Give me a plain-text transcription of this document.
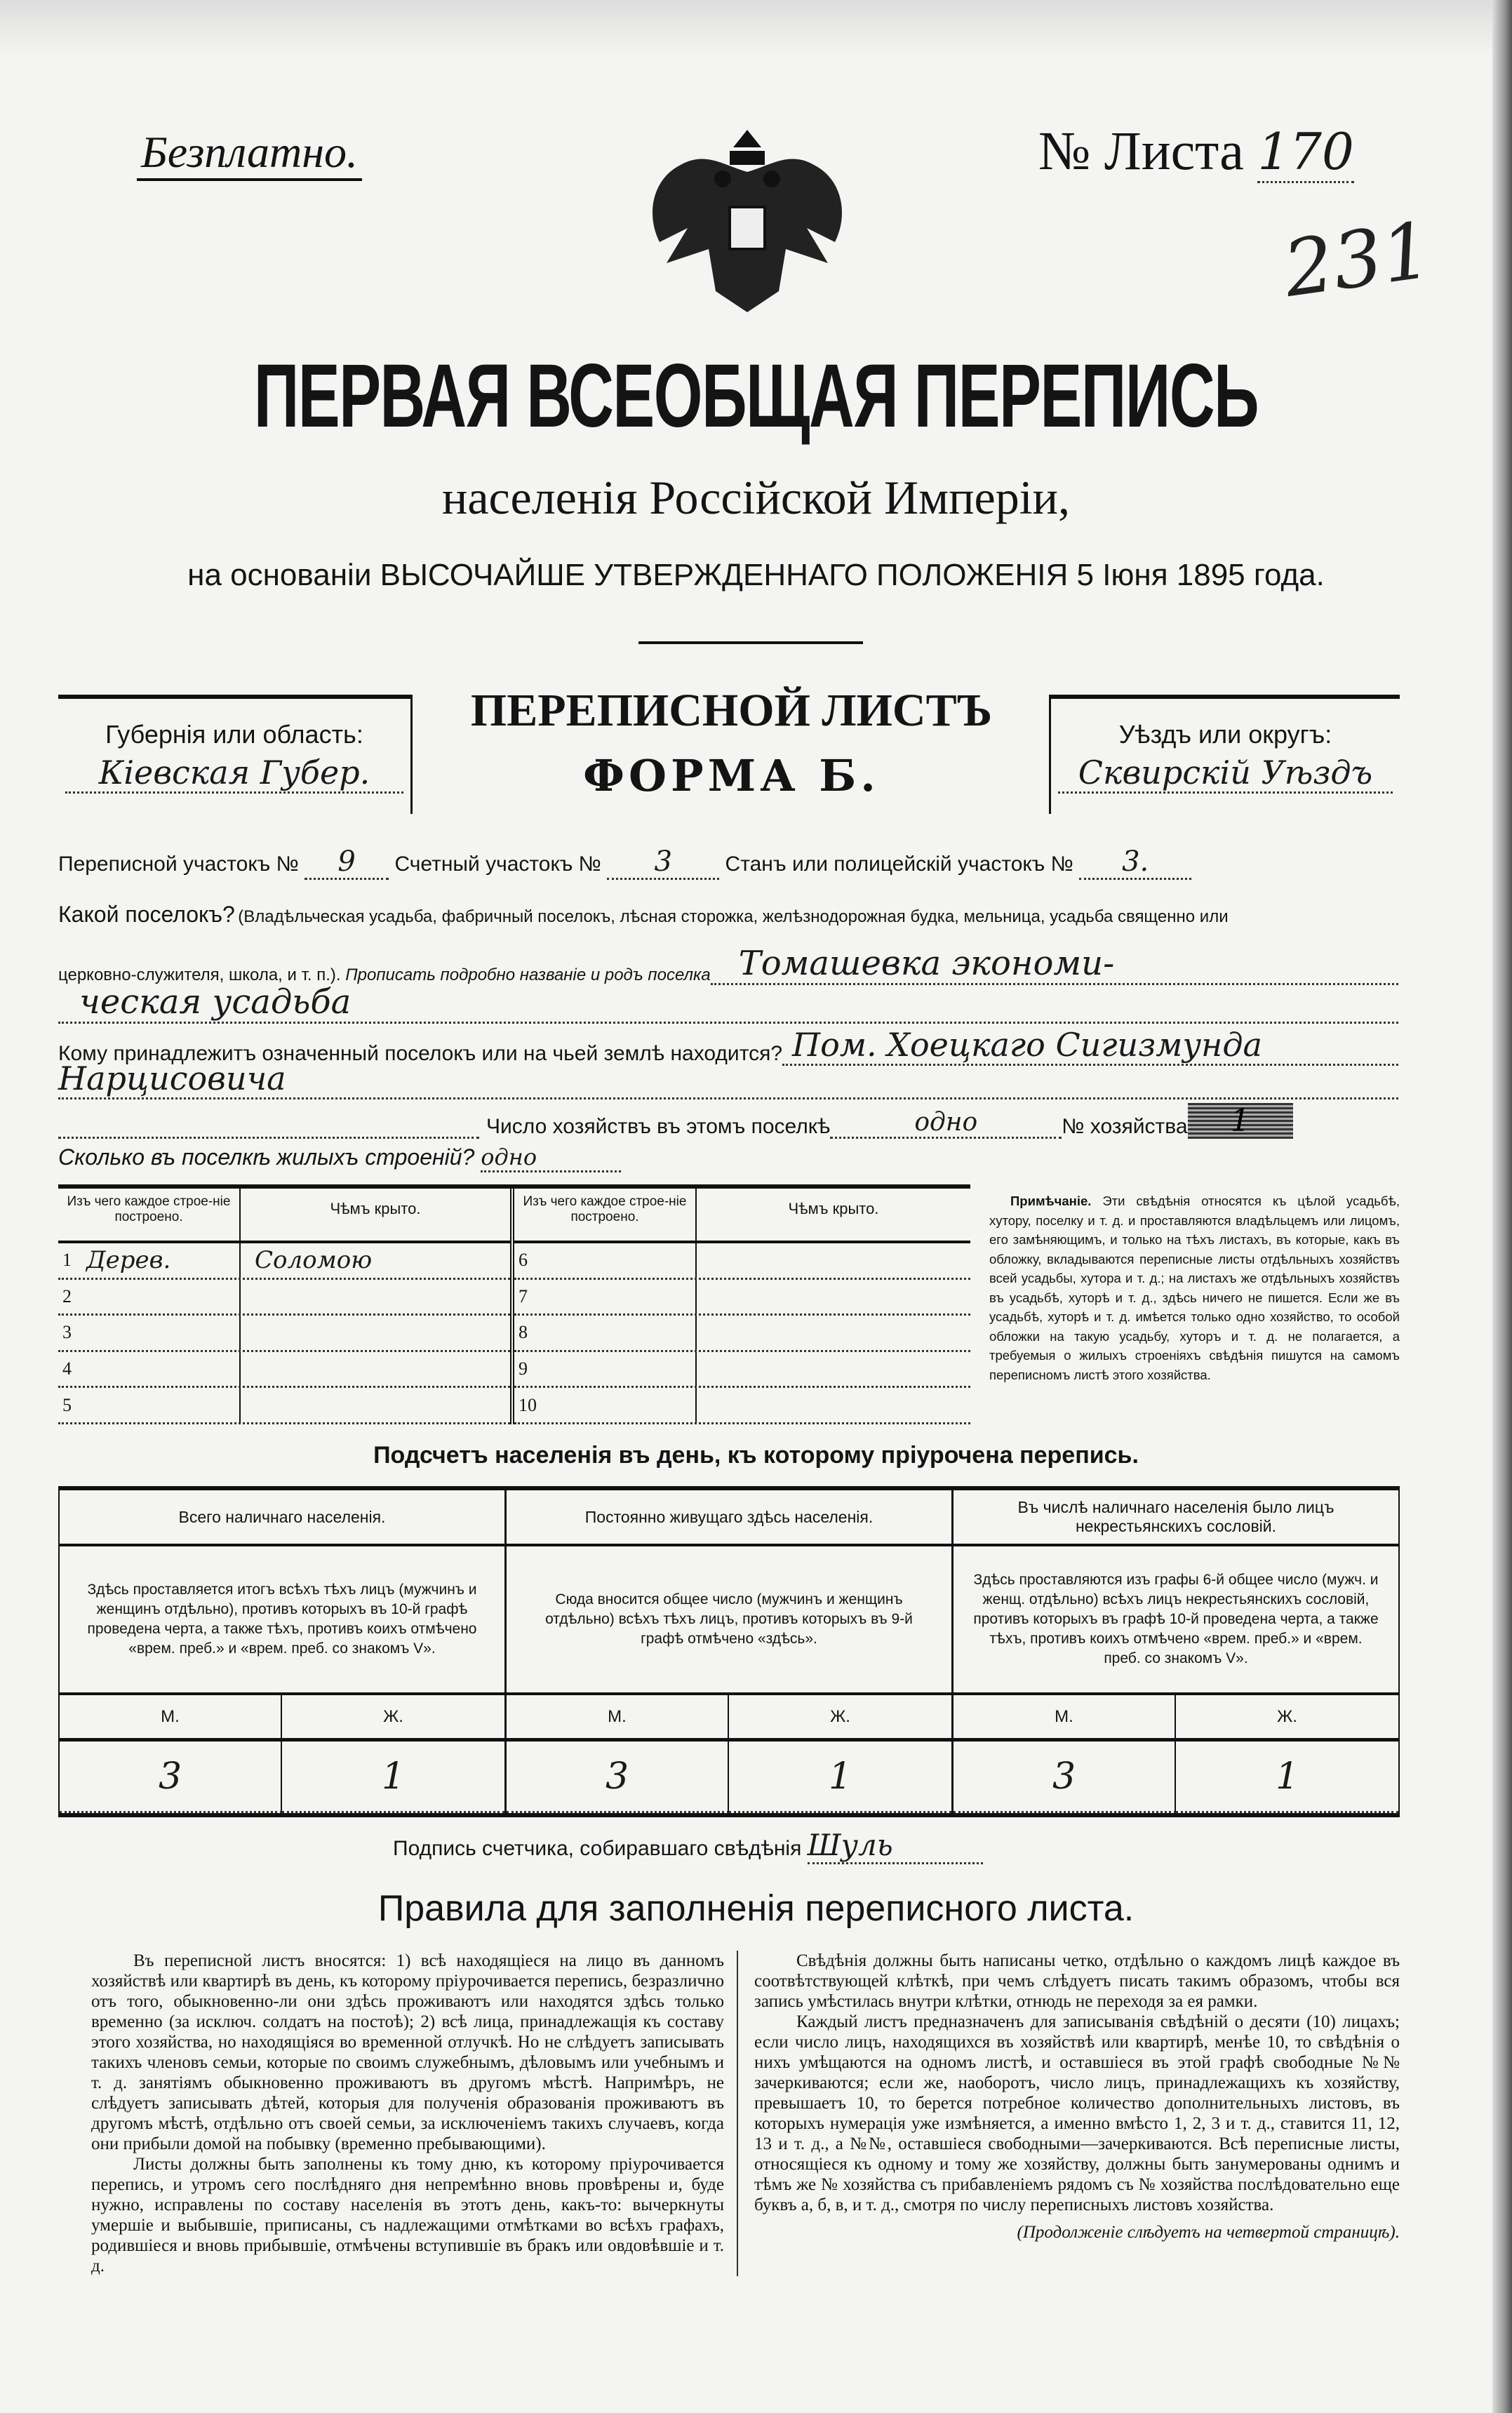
Безплатно.	№ Листа 170
231
ПЕРВАЯ ВСЕОБЩАЯ ПЕРЕПИСЬ
населенія Россійской Имперіи,
на основаніи ВЫСОЧАЙШЕ УТВЕРЖДЕННАГО ПОЛОЖЕНІЯ 5 Іюня 1895 года.
Губернія или область:
Кіевская Губер.
ПЕРЕПИСНОЙ ЛИСТЪ
ФОРМА Б.
Уѣздъ или округъ:
Сквирскій Уѣздъ
Переписной участокъ № 9 Счетный участокъ № 3	Станъ или полицейскій участокъ № 3.
Какой поселокъ? (Владѣльческая усадьба, фабричный поселокъ, лѣсная сторожка, желѣзнодорожная будка, мельница, усадьба священно или
церковно-служителя, школа, и т. п.).
Прописать подробно названіе и родъ поселка Томашевка экономи-
ческая усадьба
Кому принадлежитъ означенный поселокъ или на чьей землѣ находится? Пом. Хоецкаго Сигизмунда
Нарцисовича
Число хозяйствъ въ этомъ поселкѣ	одно	№ хозяйства	1
Сколько въ поселкѣ жилыхъ строеній? одно
Изъ чего каждое строе-ніе построено.	Чѣмъ крыто.
1 Дерев.	Соломою
2
3
4
5
Изъ чего каждое строе-ніе построено.	Чѣмъ крыто.
6
7
8
9
10
Примѣчаніе. Эти свѣдѣнія относятся къ цѣлой усадьбѣ, хутору, поселку и т. д. и проставляются владѣльцемъ или лицомъ, его замѣняющимъ, и только на тѣхъ листахъ, въ которые, какъ въ обложку, вкладываются переписные листы отдѣльныхъ хозяйствъ всей усадьбы, хутора и т. д.; на листахъ же отдѣльныхъ хозяйствъ въ усадьбѣ, хуторѣ и т. д., здѣсь ничего не пишется. Если же въ усадьбѣ, хуторѣ и т. д. имѣется только одно хозяйство, то особой обложки на такую усадьбу, хуторъ и т. д. не полагается, а требуемыя о жилыхъ строеніяхъ свѣдѣнія пишутся на самомъ переписномъ листѣ этого хозяйства.
Подсчетъ населенія въ день, къ которому пріурочена перепись.
Всего наличнаго населенія.
Здѣсь проставляется итогъ всѣхъ тѣхъ лицъ (мужчинъ и женщинъ отдѣльно), противъ которыхъ въ 10-й графѣ проведена черта, а также тѣхъ, противъ коихъ отмѣчено «врем. преб.» и «врем. преб. со знакомъ V».
М.	Ж.
3	1
Постоянно живущаго здѣсь населенія.
Сюда вносится общее число (мужчинъ и женщинъ отдѣльно) всѣхъ тѣхъ лицъ, противъ которыхъ въ 9-й графѣ отмѣчено «здѣсь».
М.	Ж.
3	1
Въ числѣ наличнаго населенія было лицъ некрестьянскихъ сословій.
Здѣсь проставляются изъ графы 6-й общее число (мужч. и женщ. отдѣльно) всѣхъ лицъ некрестьянскихъ сословій, противъ которыхъ въ графѣ 10-й проведена черта, а также тѣхъ, противъ коихъ отмѣчено «врем. преб.» и «врем. преб. со знакомъ V».
М.	Ж.
3	1
Подпись счетчика, собиравшаго свѣдѣнія Шуль
Правила для заполненія переписного листа.

Въ переписной листъ вносятся: 1) всѣ находящіеся на лицо въ данномъ хозяйствѣ или квартирѣ въ день, къ которому пріурочивается перепись, безразлично отъ того, обыкновенно-ли они здѣсь проживаютъ или находятся здѣсь только временно (за исключ. солдатъ на постоѣ); 2) всѣ лица, принадлежащія къ составу этого хозяйства, но находящіяся во временной отлучкѣ. Но не слѣдуетъ записывать такихъ членовъ семьи, которые по своимъ служебнымъ, дѣловымъ или учебнымъ и т. д. занятіямъ обыкновенно проживаютъ въ другомъ мѣстѣ. Напримѣръ, не слѣдуетъ записывать дѣтей, которыя для полученія образованія проживаютъ въ другомъ мѣстѣ, отдѣльно отъ своей семьи, за исключеніемъ такихъ случаевъ, когда они прибыли домой на побывку (временно пребывающими).

Листы должны быть заполнены къ тому дню, къ которому пріурочивается перепись, и утромъ сего послѣдняго дня непремѣнно вновь провѣрены и, буде нужно, исправлены по составу населенія въ этотъ день, какъ-то: вычеркнуты умершіе и выбывшіе, приписаны, съ надлежащими отмѣтками во всѣхъ графахъ, родившіеся и вновь прибывшіе, отмѣчены вступившіе въ бракъ или овдовѣвшіе и т. д.

Свѣдѣнія должны быть написаны четко, отдѣльно о каждомъ лицѣ каждое въ соотвѣтствующей клѣткѣ, при чемъ слѣдуетъ писать такимъ образомъ, чтобы вся запись умѣстилась внутри клѣтки, отнюдь не переходя за ея рамки.

Каждый листъ предназначенъ для записыванія свѣдѣній о десяти (10) лицахъ; если число лицъ, находящихся въ хозяйствѣ или квартирѣ, менѣе 10, то свѣдѣнія о нихъ умѣщаются на одномъ листѣ, и оставшіеся въ этой графѣ свободные №№ зачеркиваются; если же, наоборотъ, число лицъ, принадлежащихъ къ хозяйству, превышаетъ 10, то берется потребное количество дополнительныхъ листовъ, въ которыхъ нумерація уже измѣняется, а именно вмѣсто 1, 2, 3 и т. д., ставится 11, 12, 13 и т. д., а №№, оставшіеся свободными—зачеркиваются. Всѣ переписные листы, относящіеся къ одному и тому же хозяйству, должны быть занумерованы однимъ и тѣмъ же № хозяйства съ прибавленіемъ рядомъ съ № хозяйства послѣдовательно еще буквъ а, б, в, и т. д., смотря по числу переписныхъ листовъ хозяйства.

(Продолженіе слѣдуетъ на четвертой страницѣ).
